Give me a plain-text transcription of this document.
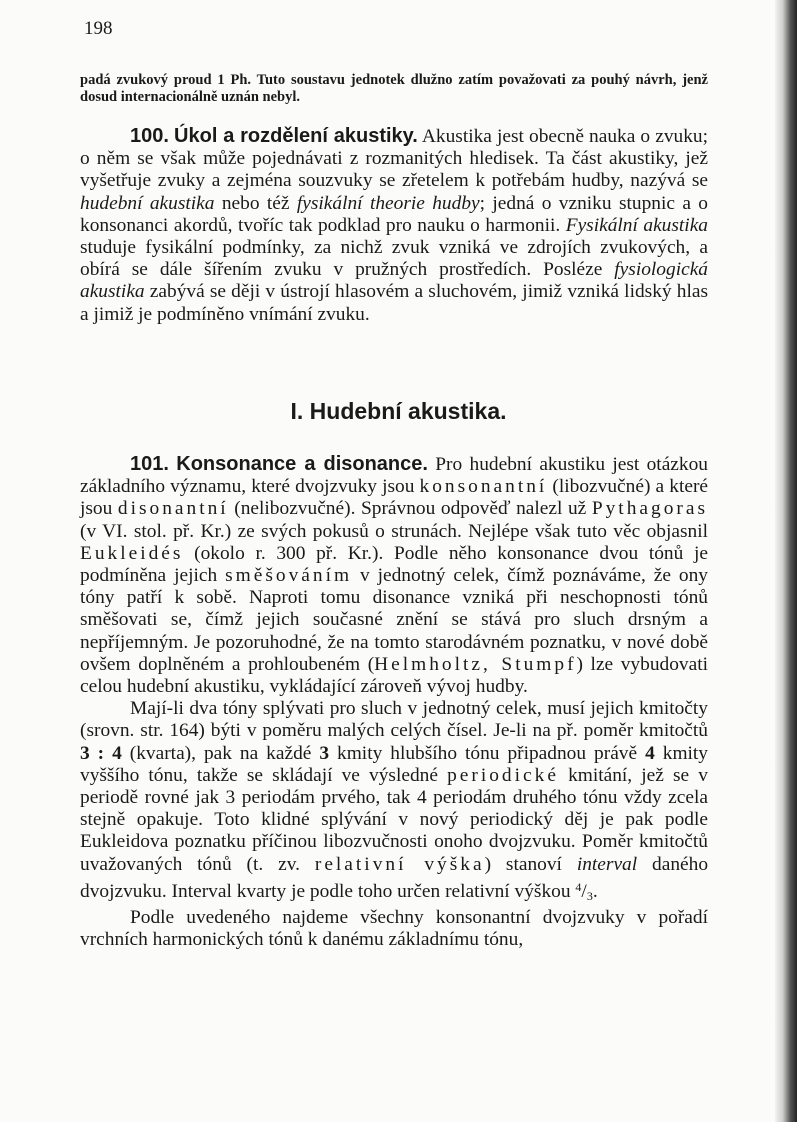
198
padá zvukový proud 1 Ph. Tuto soustavu jednotek dlužno zatím považovati za pouhý návrh, jenž dosud internacionálně uznán nebyl.

100. Úkol a rozdělení akustiky. Akustika jest obecně nauka o zvuku; o něm se však může pojednávati z rozmanitých hledisek. Ta část akustiky, jež vyšetřuje zvuky a zejména souzvuky se zřetelem k potřebám hudby, nazývá se hudební akustika nebo též fysikální theorie hudby; jedná o vzniku stupnic a o konsonanci akordů, tvoříc tak podklad pro nauku o harmonii. Fysikální akustika studuje fysikální podmínky, za nichž zvuk vzniká ve zdrojích zvukových, a obírá se dále šířením zvuku v pružných prostředích. Posléze fysiologická akustika zabývá se ději v ústrojí hlasovém a sluchovém, jimiž vzniká lidský hlas a jimiž je podmíněno vnímání zvuku.

I. Hudební akustika.

101. Konsonance a disonance. Pro hudební akustiku jest otázkou základního významu, které dvojzvuky jsou konsonantní (libozvučné) a které jsou disonantní (nelibozvučné). Správnou odpověď nalezl už Pythagoras (v VI. stol. př. Kr.) ze svých pokusů o strunách. Nejlépe však tuto věc objasnil Eukleidés (okolo r. 300 př. Kr.). Podle něho konsonance dvou tónů je podmíněna jejich směšováním v jednotný celek, čímž poznáváme, že ony tóny patří k sobě. Naproti tomu disonance vzniká při neschopnosti tónů směšovati se, čímž jejich současné znění se stává pro sluch drsným a nepříjemným. Je pozoruhodné, že na tomto starodávném poznatku, v nové době ovšem doplněném a prohloubeném (Helmholtz, Stumpf) lze vybudovati celou hudební akustiku, vykládající zároveň vývoj hudby.

Mají-li dva tóny splývati pro sluch v jednotný celek, musí jejich kmitočty (srovn. str. 164) býti v poměru malých celých čísel. Je-li na př. poměr kmitočtů 3 : 4 (kvarta), pak na každé 3 kmity hlubšího tónu připadnou právě 4 kmity vyššího tónu, takže se skládají ve výsledné periodické kmitání, jež se v periodě rovné jak 3 periodám prvého, tak 4 periodám druhého tónu vždy zcela stejně opakuje. Toto klidné splývání v nový periodický děj je pak podle Eukleidova poznatku příčinou libozvučnosti onoho dvojzvuku. Poměr kmitočtů uvažovaných tónů (t. zv. relativní výška) stanoví interval daného dvojzvuku. Interval kvarty je podle toho určen relativní výškou $^4/_3$.

Podle uvedeného najdeme všechny konsonantní dvojzvuky v pořadí vrchních harmonických tónů k danému základnímu tónu,
